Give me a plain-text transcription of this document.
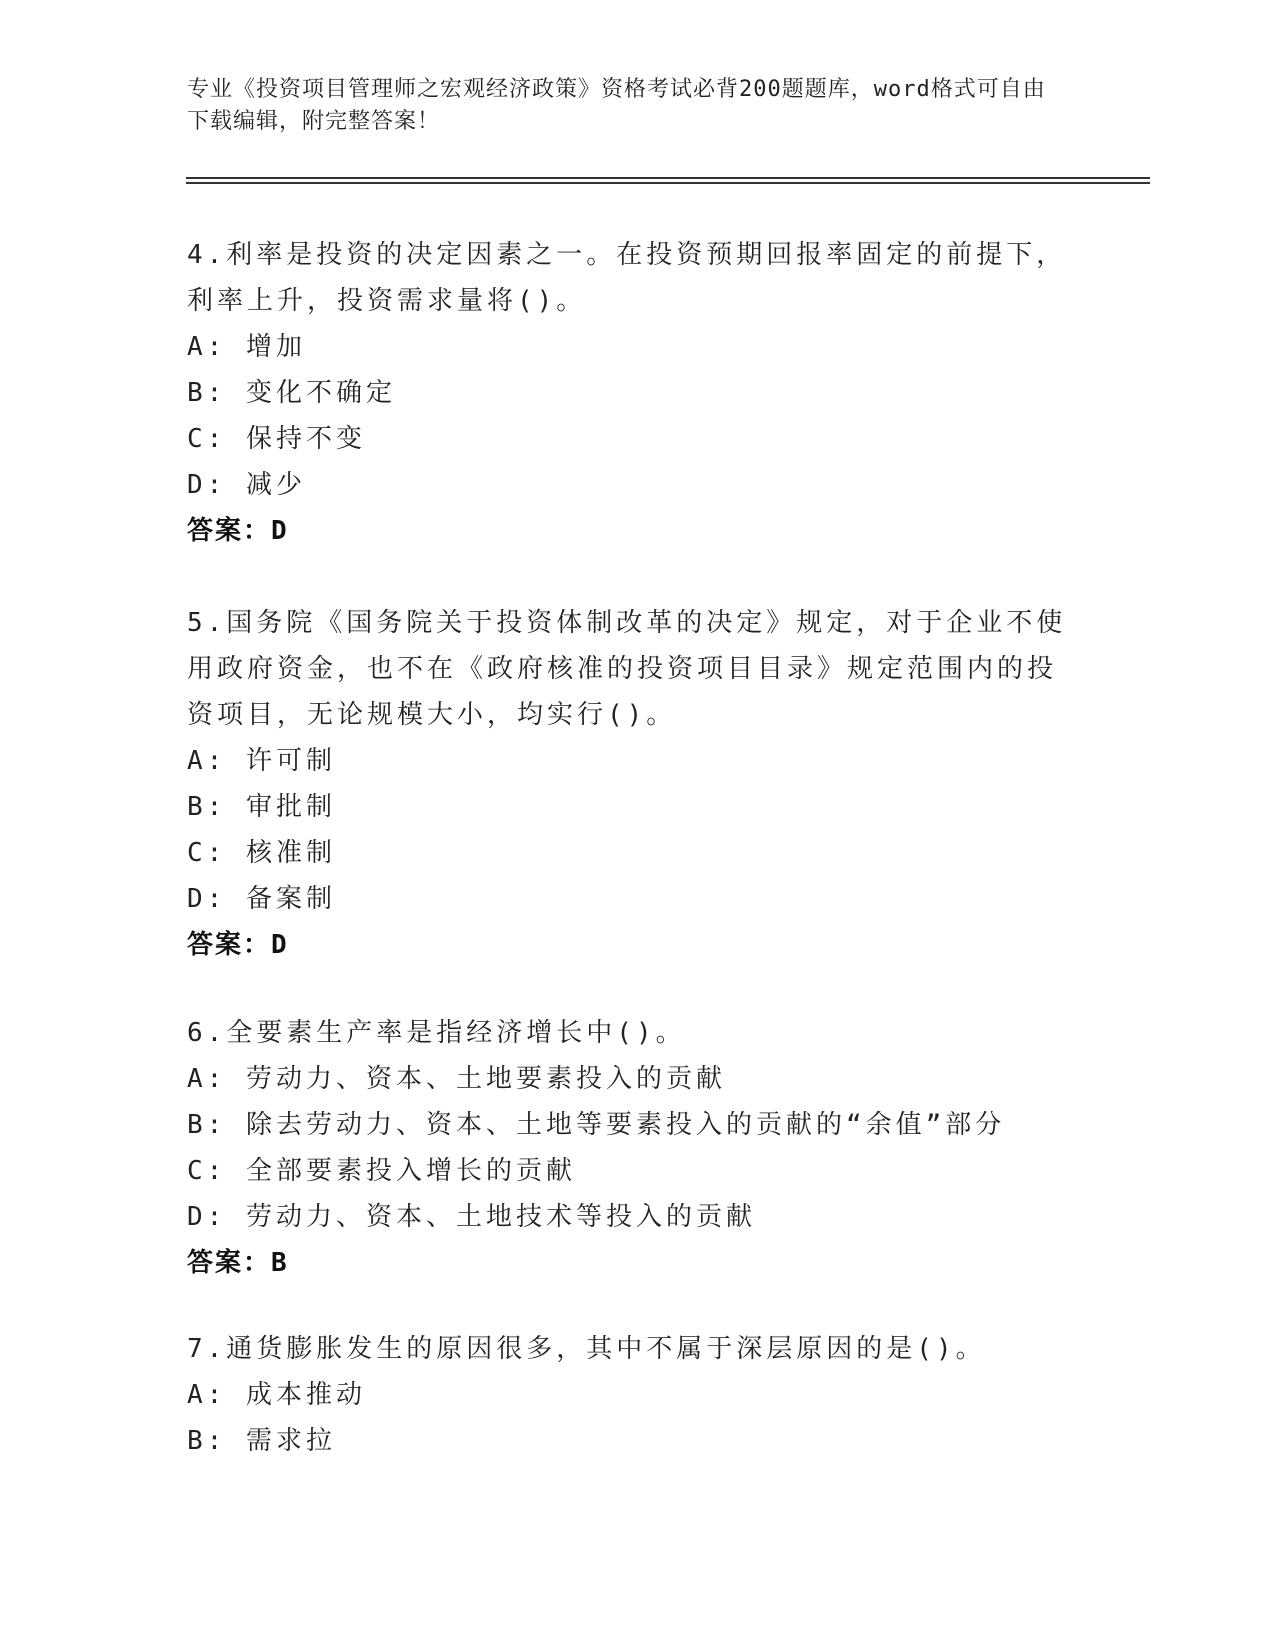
专业《投资项目管理师之宏观经济政策》资格考试必背200题题库，word格式可自由下载编辑，附完整答案！

4.利率是投资的决定因素之一。在投资预期回报率固定的前提下，利率上升，投资需求量将()。

A: 增加

B: 变化不确定

C: 保持不变

D: 减少

答案：D

5.国务院《国务院关于投资体制改革的决定》规定，对于企业不使用政府资金，也不在《政府核准的投资项目目录》规定范围内的投资项目，无论规模大小，均实行()。

A: 许可制

B: 审批制

C: 核准制

D: 备案制

答案：D

6.全要素生产率是指经济增长中()。

A: 劳动力、资本、土地要素投入的贡献

B: 除去劳动力、资本、土地等要素投入的贡献的“余值”部分

C: 全部要素投入增长的贡献

D: 劳动力、资本、土地技术等投入的贡献

答案：B

7.通货膨胀发生的原因很多，其中不属于深层原因的是()。

A: 成本推动

B: 需求拉
